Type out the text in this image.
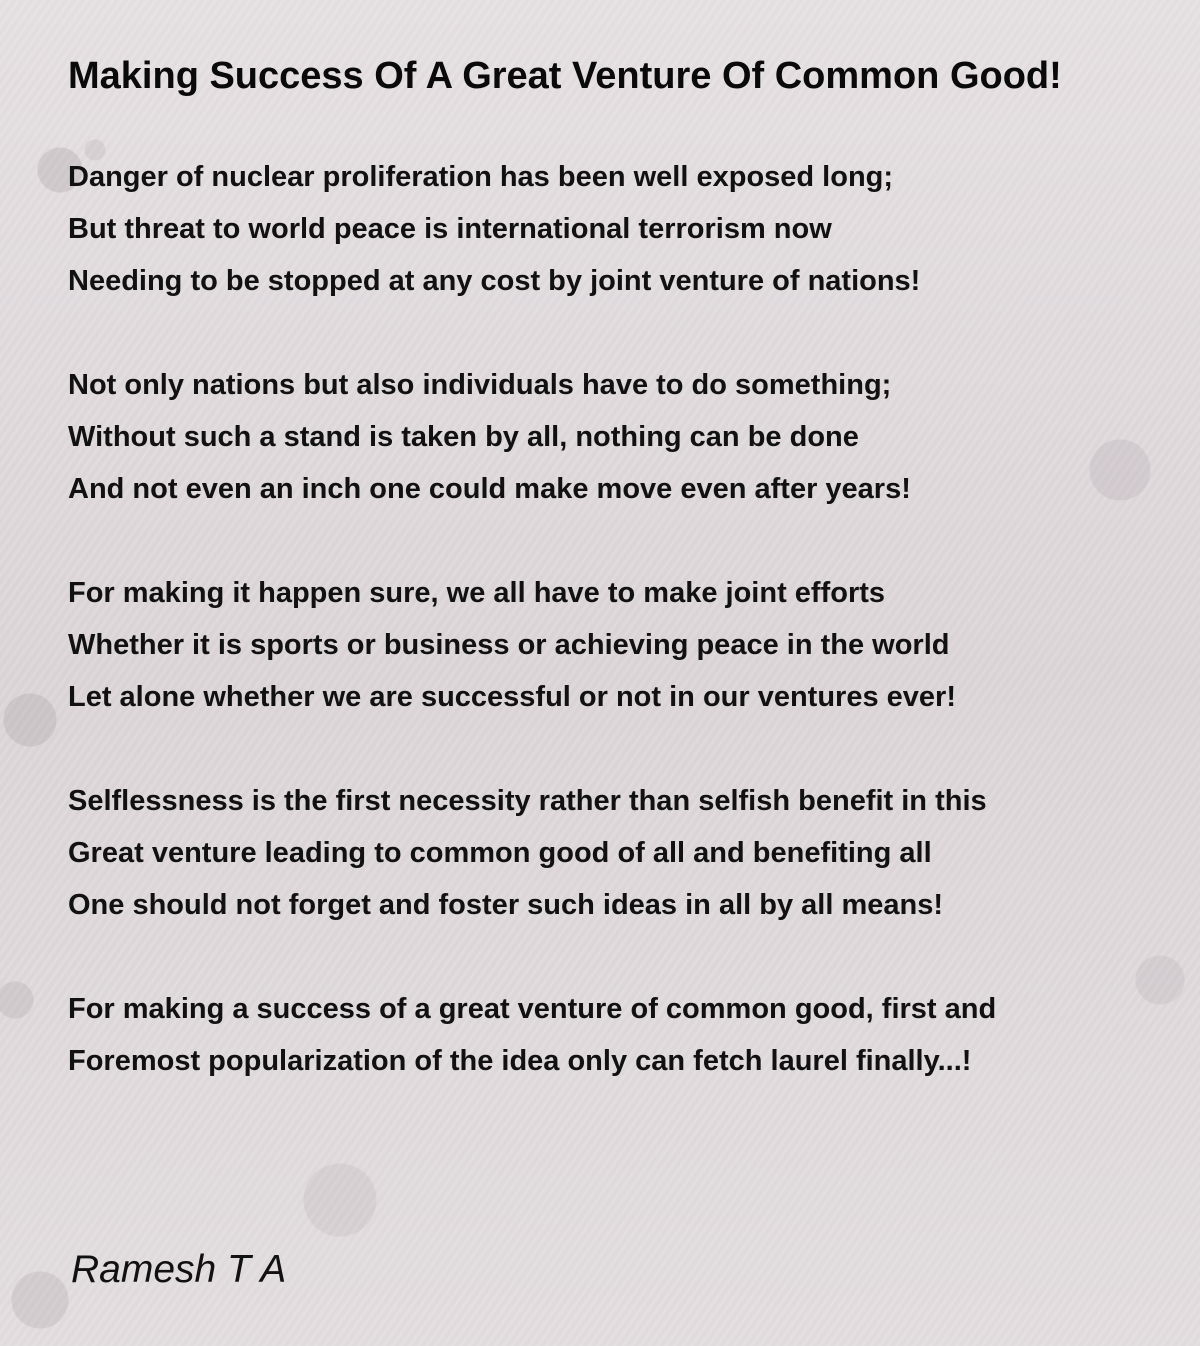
Making Success Of A Great Venture Of Common Good!
Danger of nuclear proliferation has been well exposed long;
But threat to world peace is international terrorism now
Needing to be stopped at any cost by joint venture of nations!
Not only nations but also individuals have to do something;
Without such a stand is taken by all, nothing can be done
And not even an inch one could make move even after years!
For making it happen sure, we all have to make joint efforts
Whether it is sports or business or achieving peace in the world
Let alone whether we are successful or not in our ventures ever!
Selflessness is the first necessity rather than selfish benefit in this
Great venture leading to common good of all and benefiting all
One should not forget and foster such ideas in all by all means!
For making a success of a great venture of common good, first and
Foremost popularization of the idea only can fetch laurel finally...!
Ramesh T A
